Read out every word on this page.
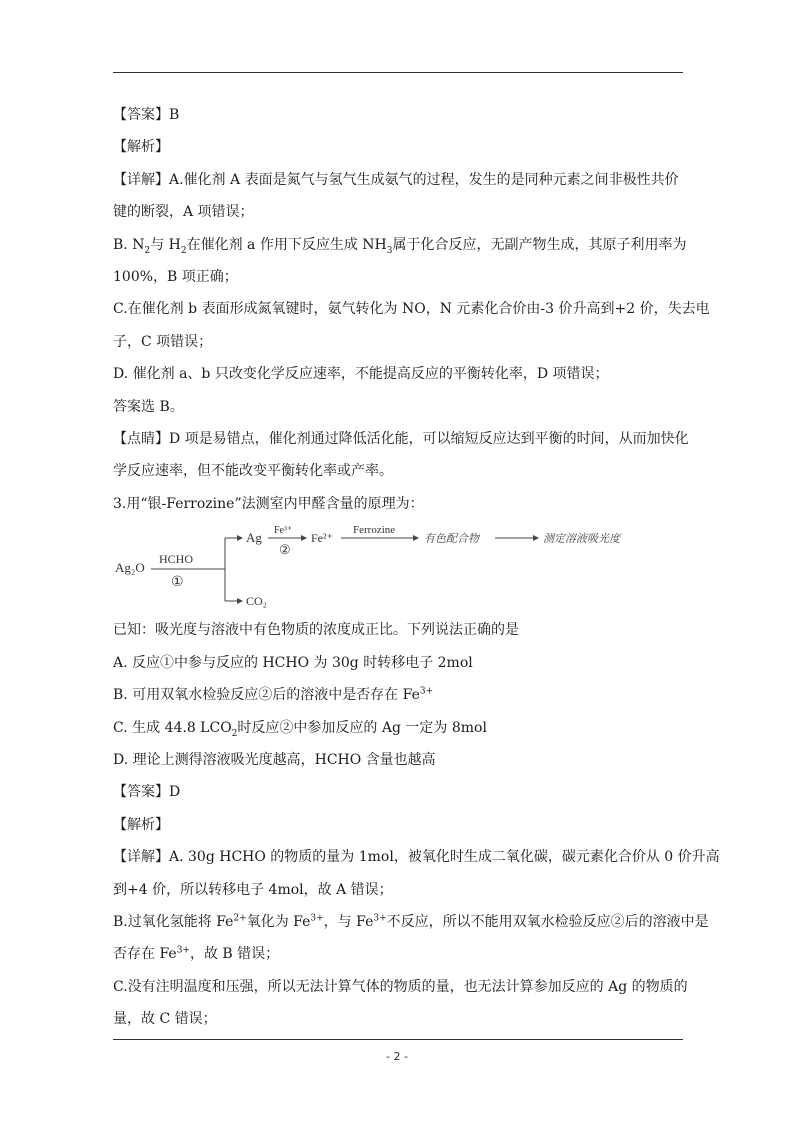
【答案】B

【解析】

【详解】A.催化剂 A 表面是氮气与氢气生成氨气的过程，发生的是同种元素之间非极性共价

键的断裂，A 项错误；

B. $N_2$与 $H_2$在催化剂 a 作用下反应生成 $NH_3$属于化合反应，无副产物生成，其原子利用率为

100%，B 项正确；

C.在催化剂 b 表面形成氮氧键时，氨气转化为 NO，N 元素化合价由-3 价升高到+2 价，失去电

子，C 项错误；

D. 催化剂 a、b 只改变化学反应速率，不能提高反应的平衡转化率，D 项错误；

答案选 B。

【点睛】D 项是易错点，催化剂通过降低活化能，可以缩短反应达到平衡的时间，从而加快化

学反应速率，但不能改变平衡转化率或产率。

3.用“银-Ferrozine”法测室内甲醛含量的原理为：

Ag₂O
HCHO
①
Ag Fe³⁺
②
Fe²⁺
Ferrozine
有色配合物	测定溶液吸光度
CO₂

已知：吸光度与溶液中有色物质的浓度成正比。下列说法正确的是

A. 反应①中参与反应的 HCHO 为 30g 时转移电子 2mol

B. 可用双氧水检验反应②后的溶液中是否存在 $Fe^{3+}$

C. 生成 44.8 $LCO_2$时反应②中参加反应的 Ag 一定为 8mol

D. 理论上测得溶液吸光度越高，HCHO 含量也越高

【答案】D

【解析】

【详解】A. 30g HCHO 的物质的量为 1mol，被氧化时生成二氧化碳，碳元素化合价从 0 价升高

到+4 价，所以转移电子 4mol，故 A 错误；

B.过氧化氢能将 $Fe^{2+}$氧化为 $Fe^{3+}$，与 $Fe^{3+}$不反应，所以不能用双氧水检验反应②后的溶液中是

否存在 $Fe^{3+}$，故 B 错误；

C.没有注明温度和压强，所以无法计算气体的物质的量，也无法计算参加反应的 Ag 的物质的

量，故 C 错误；

- 2 -
